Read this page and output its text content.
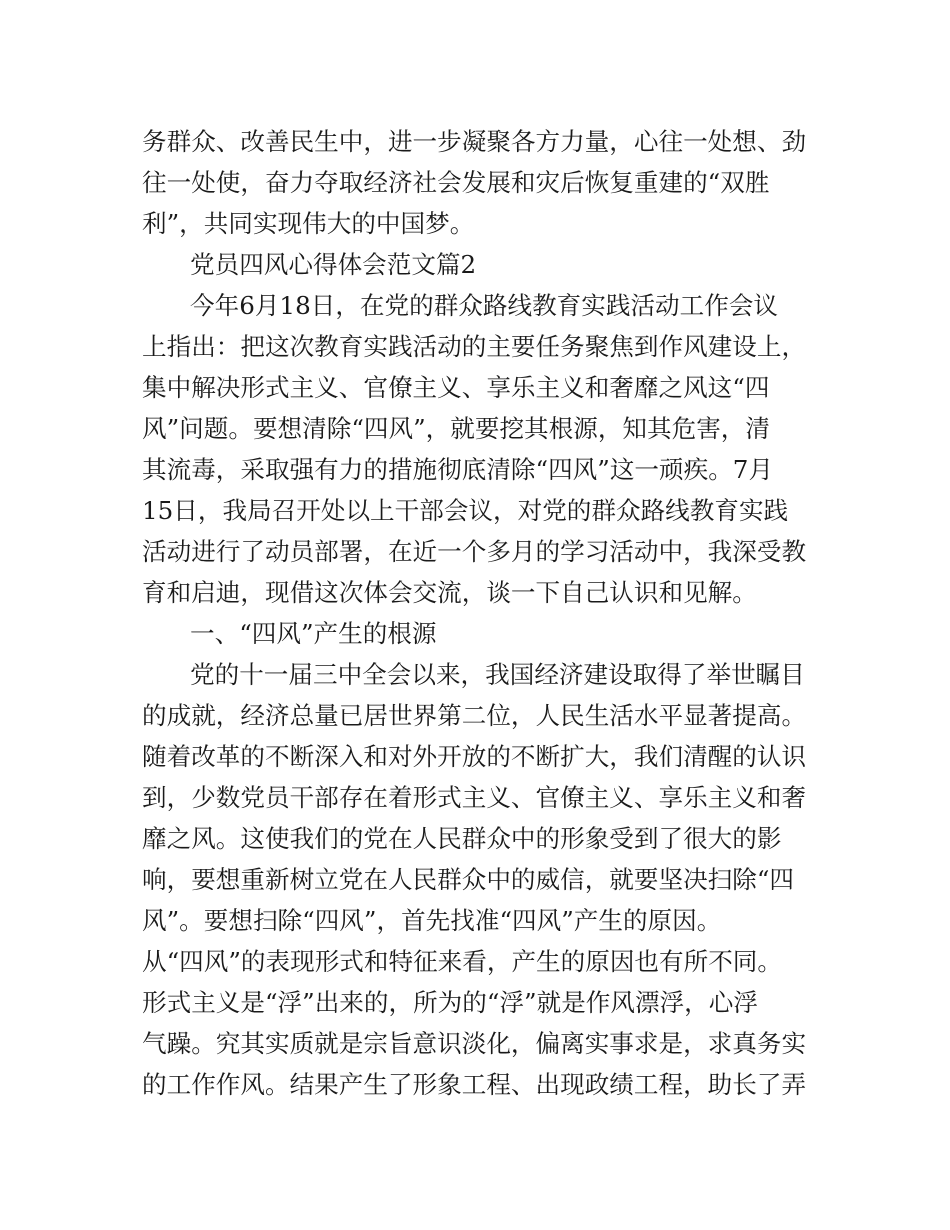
务群众、改善民生中，进一步凝聚各方力量，心往一处想、劲
往一处使，奋力夺取经济社会发展和灾后恢复重建的“双胜
利”，共同实现伟大的中国梦。
党员四风心得体会范文篇2
今年6月18日，在党的群众路线教育实践活动工作会议
上指出：把这次教育实践活动的主要任务聚焦到作风建设上，
集中解决形式主义、官僚主义、享乐主义和奢靡之风这“四
风”问题。要想清除“四风”，就要挖其根源，知其危害，清
其流毒，采取强有力的措施彻底清除“四风”这一顽疾。7月
15日，我局召开处以上干部会议，对党的群众路线教育实践
活动进行了动员部署，在近一个多月的学习活动中，我深受教
育和启迪，现借这次体会交流，谈一下自己认识和见解。
一、“四风”产生的根源
党的十一届三中全会以来，我国经济建设取得了举世瞩目
的成就，经济总量已居世界第二位，人民生活水平显著提高。
随着改革的不断深入和对外开放的不断扩大，我们清醒的认识
到，少数党员干部存在着形式主义、官僚主义、享乐主义和奢
靡之风。这使我们的党在人民群众中的形象受到了很大的影
响，要想重新树立党在人民群众中的威信，就要坚决扫除“四
风”。要想扫除“四风”，首先找准“四风”产生的原因。
从“四风”的表现形式和特征来看，产生的原因也有所不同。
形式主义是“浮”出来的，所为的“浮”就是作风漂浮，心浮
气躁。究其实质就是宗旨意识淡化，偏离实事求是，求真务实
的工作作风。结果产生了形象工程、出现政绩工程，助长了弄
